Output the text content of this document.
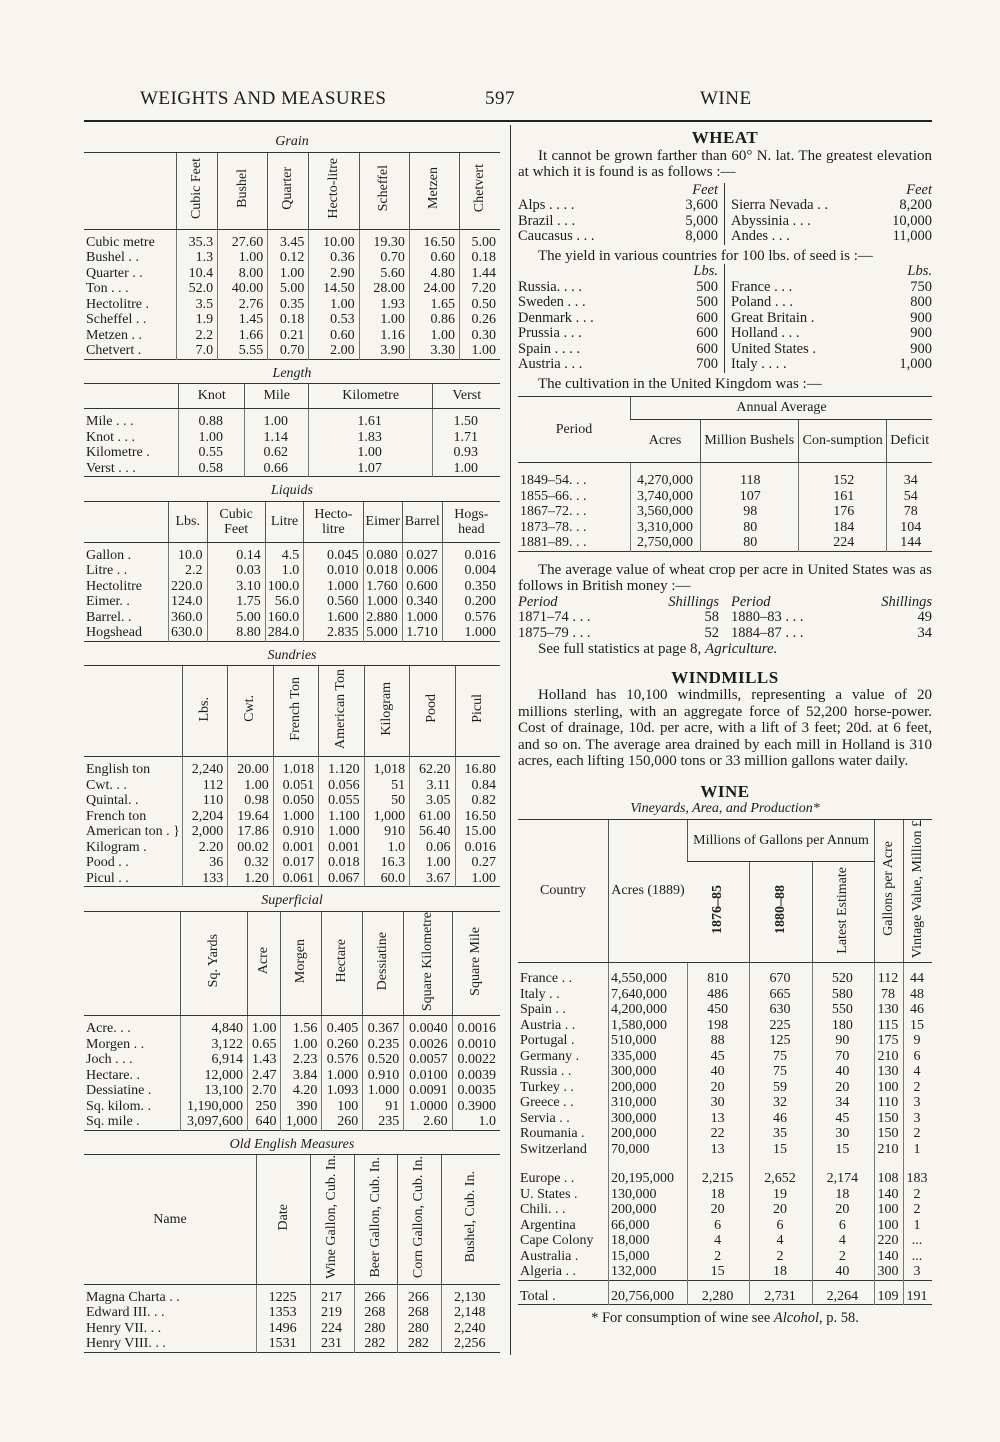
WEIGHTS AND MEASURES	597	WINE
Grain
	Cubic Feet	Bushel	Quarter	Hecto-litre	Scheffel	Metzen	Chetvert
Cubic metre	35.3	27.60	3.45	10.00	19.30	16.50	5.00
Bushel . .	1.3	1.00	0.12	0.36	0.70	0.60	0.18
Quarter . .	10.4	8.00	1.00	2.90	5.60	4.80	1.44
Ton . . .	52.0	40.00	5.00	14.50	28.00	24.00	7.20
Hectolitre .	3.5	2.76	0.35	1.00	1.93	1.65	0.50
Scheffel . .	1.9	1.45	0.18	0.53	1.00	0.86	0.26
Metzen . .	2.2	1.66	0.21	0.60	1.16	1.00	0.30
Chetvert .	7.0	5.55	0.70	2.00	3.90	3.30	1.00
Length
	Knot	Mile	Kilometre	Verst
Mile . . .	0.88	1.00	1.61	1.50
Knot . . .	1.00	1.14	1.83	1.71
Kilometre .	0.55	0.62	1.00	0.93
Verst . . .	0.58	0.66	1.07	1.00
Liquids
	Lbs.	Cubic Feet	Litre	Hecto-litre	Eimer	Barrel	Hogs-head
Gallon .	10.0	0.14	4.5	0.045	0.080	0.027	0.016
Litre . .	2.2	0.03	1.0	0.010	0.018	0.006	0.004
Hectolitre	220.0	3.10	100.0	1.000	1.760	0.600	0.350
Eimer. .	124.0	1.75	56.0	0.560	1.000	0.340	0.200
Barrel. .	360.0	5.00	160.0	1.600	2.880	1.000	0.576
Hogshead	630.0	8.80	284.0	2.835	5.000	1.710	1.000
Sundries
	Lbs.	Cwt.	French Ton	American Ton	Kilogram	Pood	Picul
English ton	2,240	20.00	1.018	1.120	1,018	62.20	16.80
Cwt. . .	112	1.00	0.051	0.056	51	3.11	0.84
Quintal. .	110	0.98	0.050	0.055	50	3.05	0.82
French ton	2,204	19.64	1.000	1.100	1,000	61.00	16.50
American ton . }	2,000	17.86	0.910	1.000	910	56.40	15.00
Kilogram .	2.20	00.02	0.001	0.001	1.0	0.06	0.016
Pood . .	36	0.32	0.017	0.018	16.3	1.00	0.27
Picul . .	133	1.20	0.061	0.067	60.0	3.67	1.00
Superficial
	Sq. Yards	Acre	Morgen	Hectare	Dessiatine	Square Kilometre	Square Mile
Acre. . .	4,840	1.00	1.56	0.405	0.367	0.0040	0.0016
Morgen . .	3,122	0.65	1.00	0.260	0.235	0.0026	0.0010
Joch . . .	6,914	1.43	2.23	0.576	0.520	0.0057	0.0022
Hectare. .	12,000	2.47	3.84	1.000	0.910	0.0100	0.0039
Dessiatine .	13,100	2.70	4.20	1.093	1.000	0.0091	0.0035
Sq. kilom. .	1,190,000	250	390	100	91	1.0000	0.3900
Sq. mile .	3,097,600	640	1,000	260	235	2.60	1.0
Old English Measures
Name	Date	Wine Gallon, Cub. In.	Beer Gallon, Cub. In.	Corn Gallon, Cub. In.	Bushel, Cub. In.
Magna Charta . .	1225	217	266	266	2,130
Edward III. . .	1353	219	268	268	2,148
Henry VII. . .	1496	224	280	280	2,240
Henry VIII. . .	1531	231	282	282	2,256
WHEAT
It cannot be grown farther than 60° N. lat. The greatest elevation at which it is found is as follows :—
Feet
Alps . . . .	3,600
Brazil . . .	5,000
Caucasus . . .	8,000
Feet
Sierra Nevada . .	8,200
Abyssinia . . .	10,000
Andes . . .	11,000
The yield in various countries for 100 lbs. of seed is :—
Lbs.
Russia. . . .	500
Sweden . . .	500
Denmark . . .	600
Prussia . . .	600
Spain . . . .	600
Austria . . .	700
Lbs.
France . . .	750
Poland . . .	800
Great Britain .	900
Holland . . .	900
United States .	900
Italy . . . .	1,000
The cultivation in the United Kingdom was :—
Period	Annual Average			
	Acres	Million Bushels	Con-sumption	Deficit
1849–54. . .	4,270,000	118	152	34
1855–66. . .	3,740,000	107	161	54
1867–72. . .	3,560,000	98	176	78
1873–78. . .	3,310,000	80	184	104
1881–89. . .	2,750,000	80	224	144
The average value of wheat crop per acre in United States was as follows in British money :—
Period	Shillings
1871–74 . . .	58
1875–79 . . .	52
Period	Shillings
1880–83 . . .	49
1884–87 . . .	34
See full statistics at page 8, Agriculture.
WINDMILLS
Holland has 10,100 windmills, representing a value of 20 millions sterling, with an aggregate force of 52,200 horse-power. Cost of drainage, 10d. per acre, with a lift of 3 feet; 20d. at 6 feet, and so on. The average area drained by each mill in Holland is 310 acres, each lifting 150,000 tons or 33 million gallons water daily.
WINE
Vineyards, Area, and Production*
Country	Acres (1889)	Millions of Gallons per Annum			Gallons per Acre	Vintage Value, Million £
		1876–85	1880–88	Latest Estimate		
France . .	4,550,000	810	670	520	112	44
Italy . .	7,640,000	486	665	580	78	48
Spain . .	4,200,000	450	630	550	130	46
Austria . .	1,580,000	198	225	180	115	15
Portugal .	510,000	88	125	90	175	9
Germany .	335,000	45	75	70	210	6
Russia . .	300,000	40	75	40	130	4
Turkey . .	200,000	20	59	20	100	2
Greece . .	310,000	30	32	34	110	3
Servia . .	300,000	13	46	45	150	3
Roumania .	200,000	22	35	30	150	2
Switzerland	70,000	13	15	15	210	1
Europe . .	20,195,000	2,215	2,652	2,174	108	183
U. States .	130,000	18	19	18	140	2
Chili. . .	200,000	20	20	20	100	2
Argentina	66,000	6	6	6	100	1
Cape Colony	18,000	4	4	4	220	...
Australia .	15,000	2	2	2	140	...
Algeria . .	132,000	15	18	40	300	3
Total .	20,756,000	2,280	2,731	2,264	109	191
* For consumption of wine see Alcohol, p. 58.
